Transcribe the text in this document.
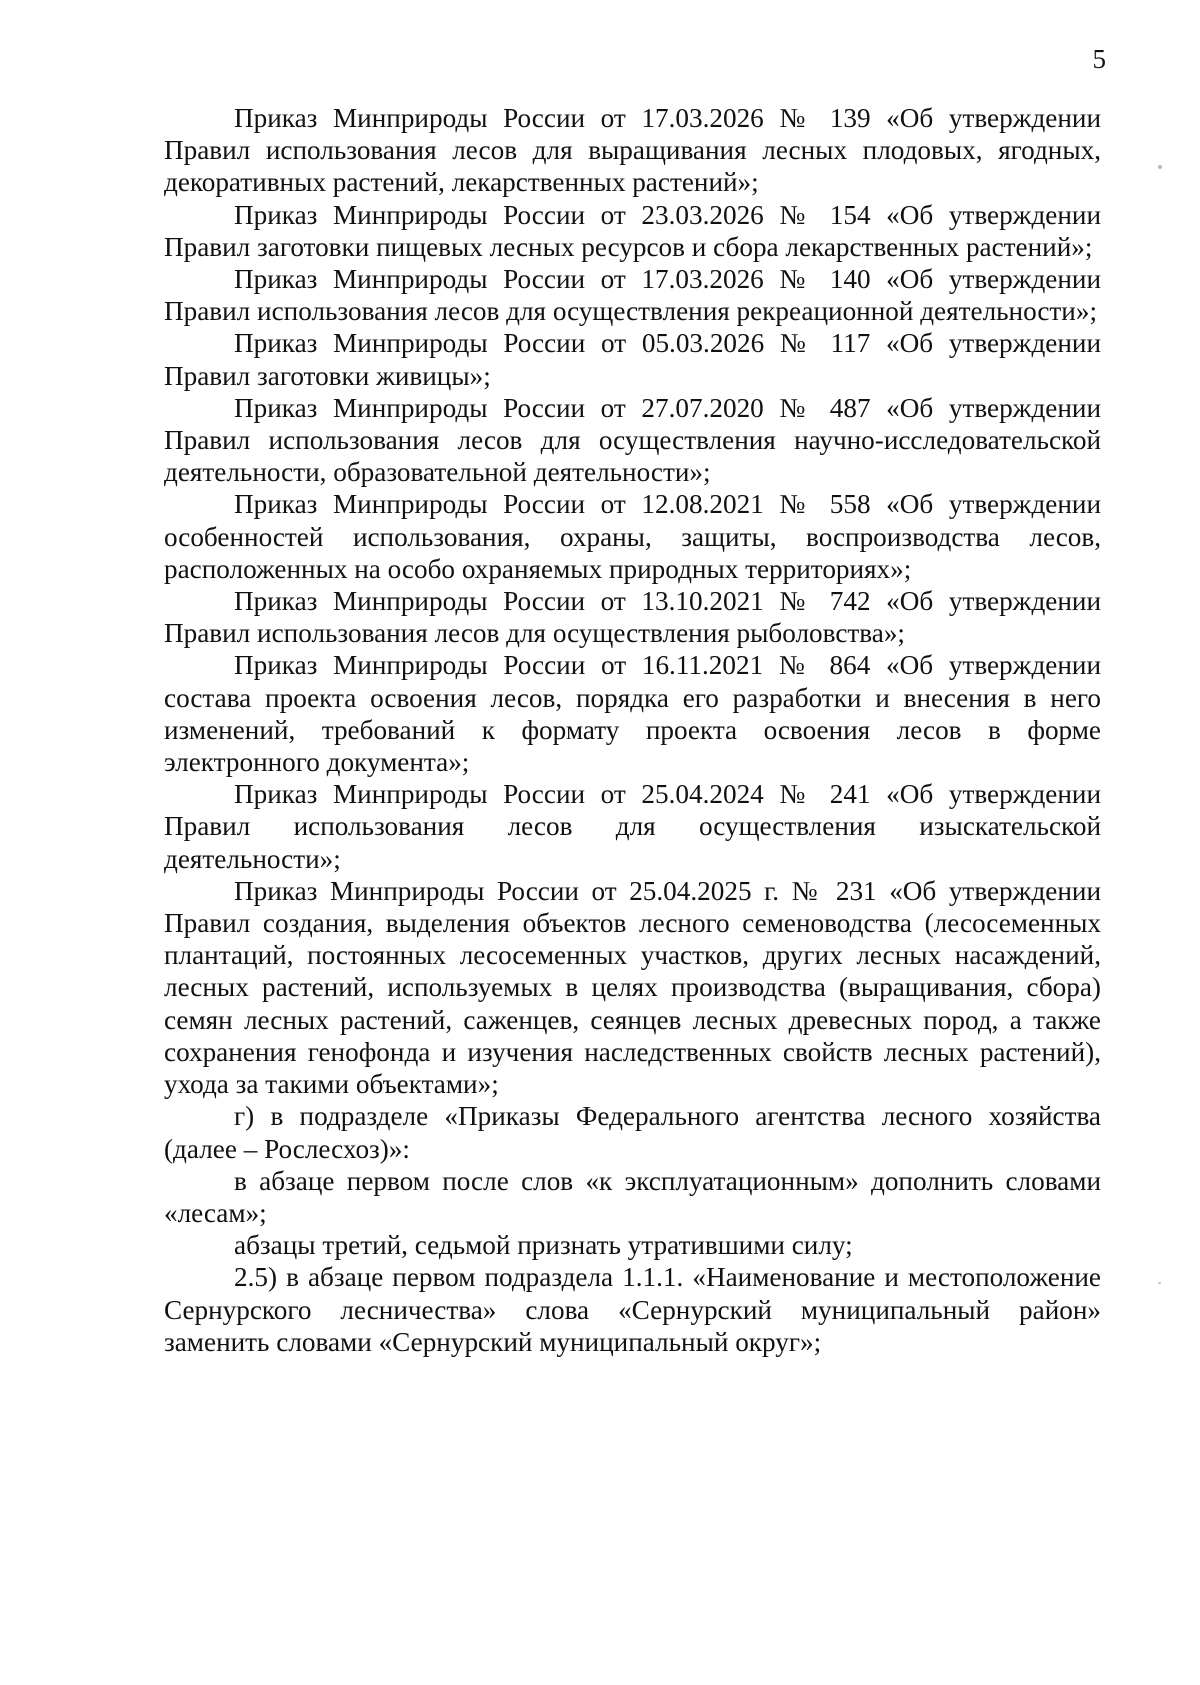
5

Приказ Минприроды России от 17.03.2026 № 139 «Об утверждении Правил использования лесов для выращивания лесных плодовых, ягодных, декоративных растений, лекарственных растений»;

Приказ Минприроды России от 23.03.2026 № 154 «Об утверждении Правил заготовки пищевых лесных ресурсов и сбора лекарственных растений»;

Приказ Минприроды России от 17.03.2026 № 140 «Об утверждении Правил использования лесов для осуществления рекреационной деятельности»;

Приказ Минприроды России от 05.03.2026 № 117 «Об утверждении Правил заготовки живицы»;

Приказ Минприроды России от 27.07.2020 № 487 «Об утверждении Правил использования лесов для осуществления научно-исследовательской деятельности, образовательной деятельности»;

Приказ Минприроды России от 12.08.2021 № 558 «Об утверждении особенностей использования, охраны, защиты, воспроизводства лесов, расположенных на особо охраняемых природных территориях»;

Приказ Минприроды России от 13.10.2021 № 742 «Об утверждении Правил использования лесов для осуществления рыболовства»;

Приказ Минприроды России от 16.11.2021 № 864 «Об утверждении состава проекта освоения лесов, порядка его разработки и внесения в него изменений, требований к формату проекта освоения лесов в форме электронного документа»;

Приказ Минприроды России от 25.04.2024 № 241 «Об утверждении Правил использования лесов для осуществления изыскательской деятельности»;

Приказ Минприроды России от 25.04.2025 г. № 231 «Об утверждении Правил создания, выделения объектов лесного семеноводства (лесосеменных плантаций, постоянных лесосеменных участков, других лесных насаждений, лесных растений, используемых в целях производства (выращивания, сбора) семян лесных растений, саженцев, сеянцев лесных древесных пород, а также сохранения генофонда и изучения наследственных свойств лесных растений), ухода за такими объектами»;

г) в подразделе «Приказы Федерального агентства лесного хозяйства (далее – Рослесхоз)»:

в абзаце первом после слов «к эксплуатационным» дополнить словами «лесам»;

абзацы третий, седьмой признать утратившими силу;

2.5) в абзаце первом подраздела 1.1.1. «Наименование и местоположение Сернурского лесничества» слова «Сернурский муниципальный район» заменить словами «Сернурский муниципальный округ»;
